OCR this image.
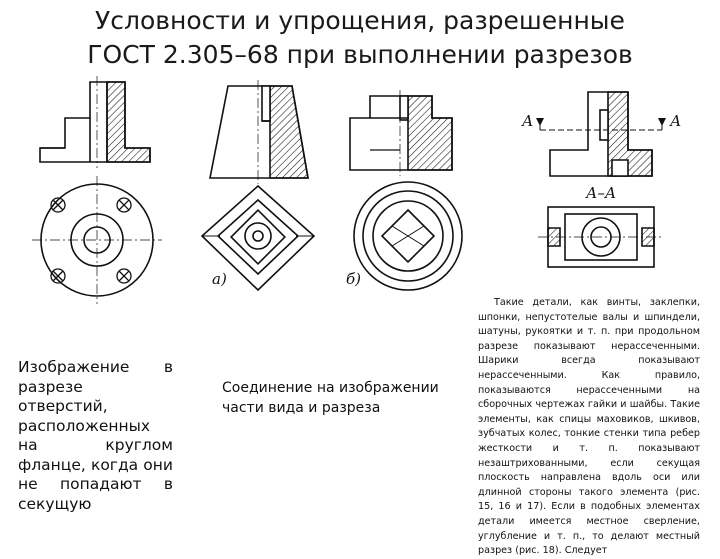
Условности и упрощения, разрешенные
ГОСТ 2.305–68 при выполнении разрезов
а)	б)
А	А
А–А
Изображение в разрезе отверстий, расположенных на круглом фланце, когда они не попадают в секущую
Соединение на изображении части вида и разреза
Такие детали, как винты, заклепки, шпонки, непустотелые валы и шпиндели, шатуны, рукоятки и т. п. при продольном разрезе показывают нерассеченными. Шарики всегда показывают нерассеченными. Как правило, показываются нерассеченными на сборочных чертежах гайки и шайбы. Такие элементы, как спицы маховиков, шкивов, зубчатых колес, тонкие стенки типа ребер жесткости и т. п. показывают незаштрихованными, если секущая плоскость направлена вдоль оси или длинной стороны такого элемента (рис. 15, 16 и 17). Если в подобных элементах детали имеется местное сверление, углубление и т. п., то делают местный разрез (рис. 18). Следует
